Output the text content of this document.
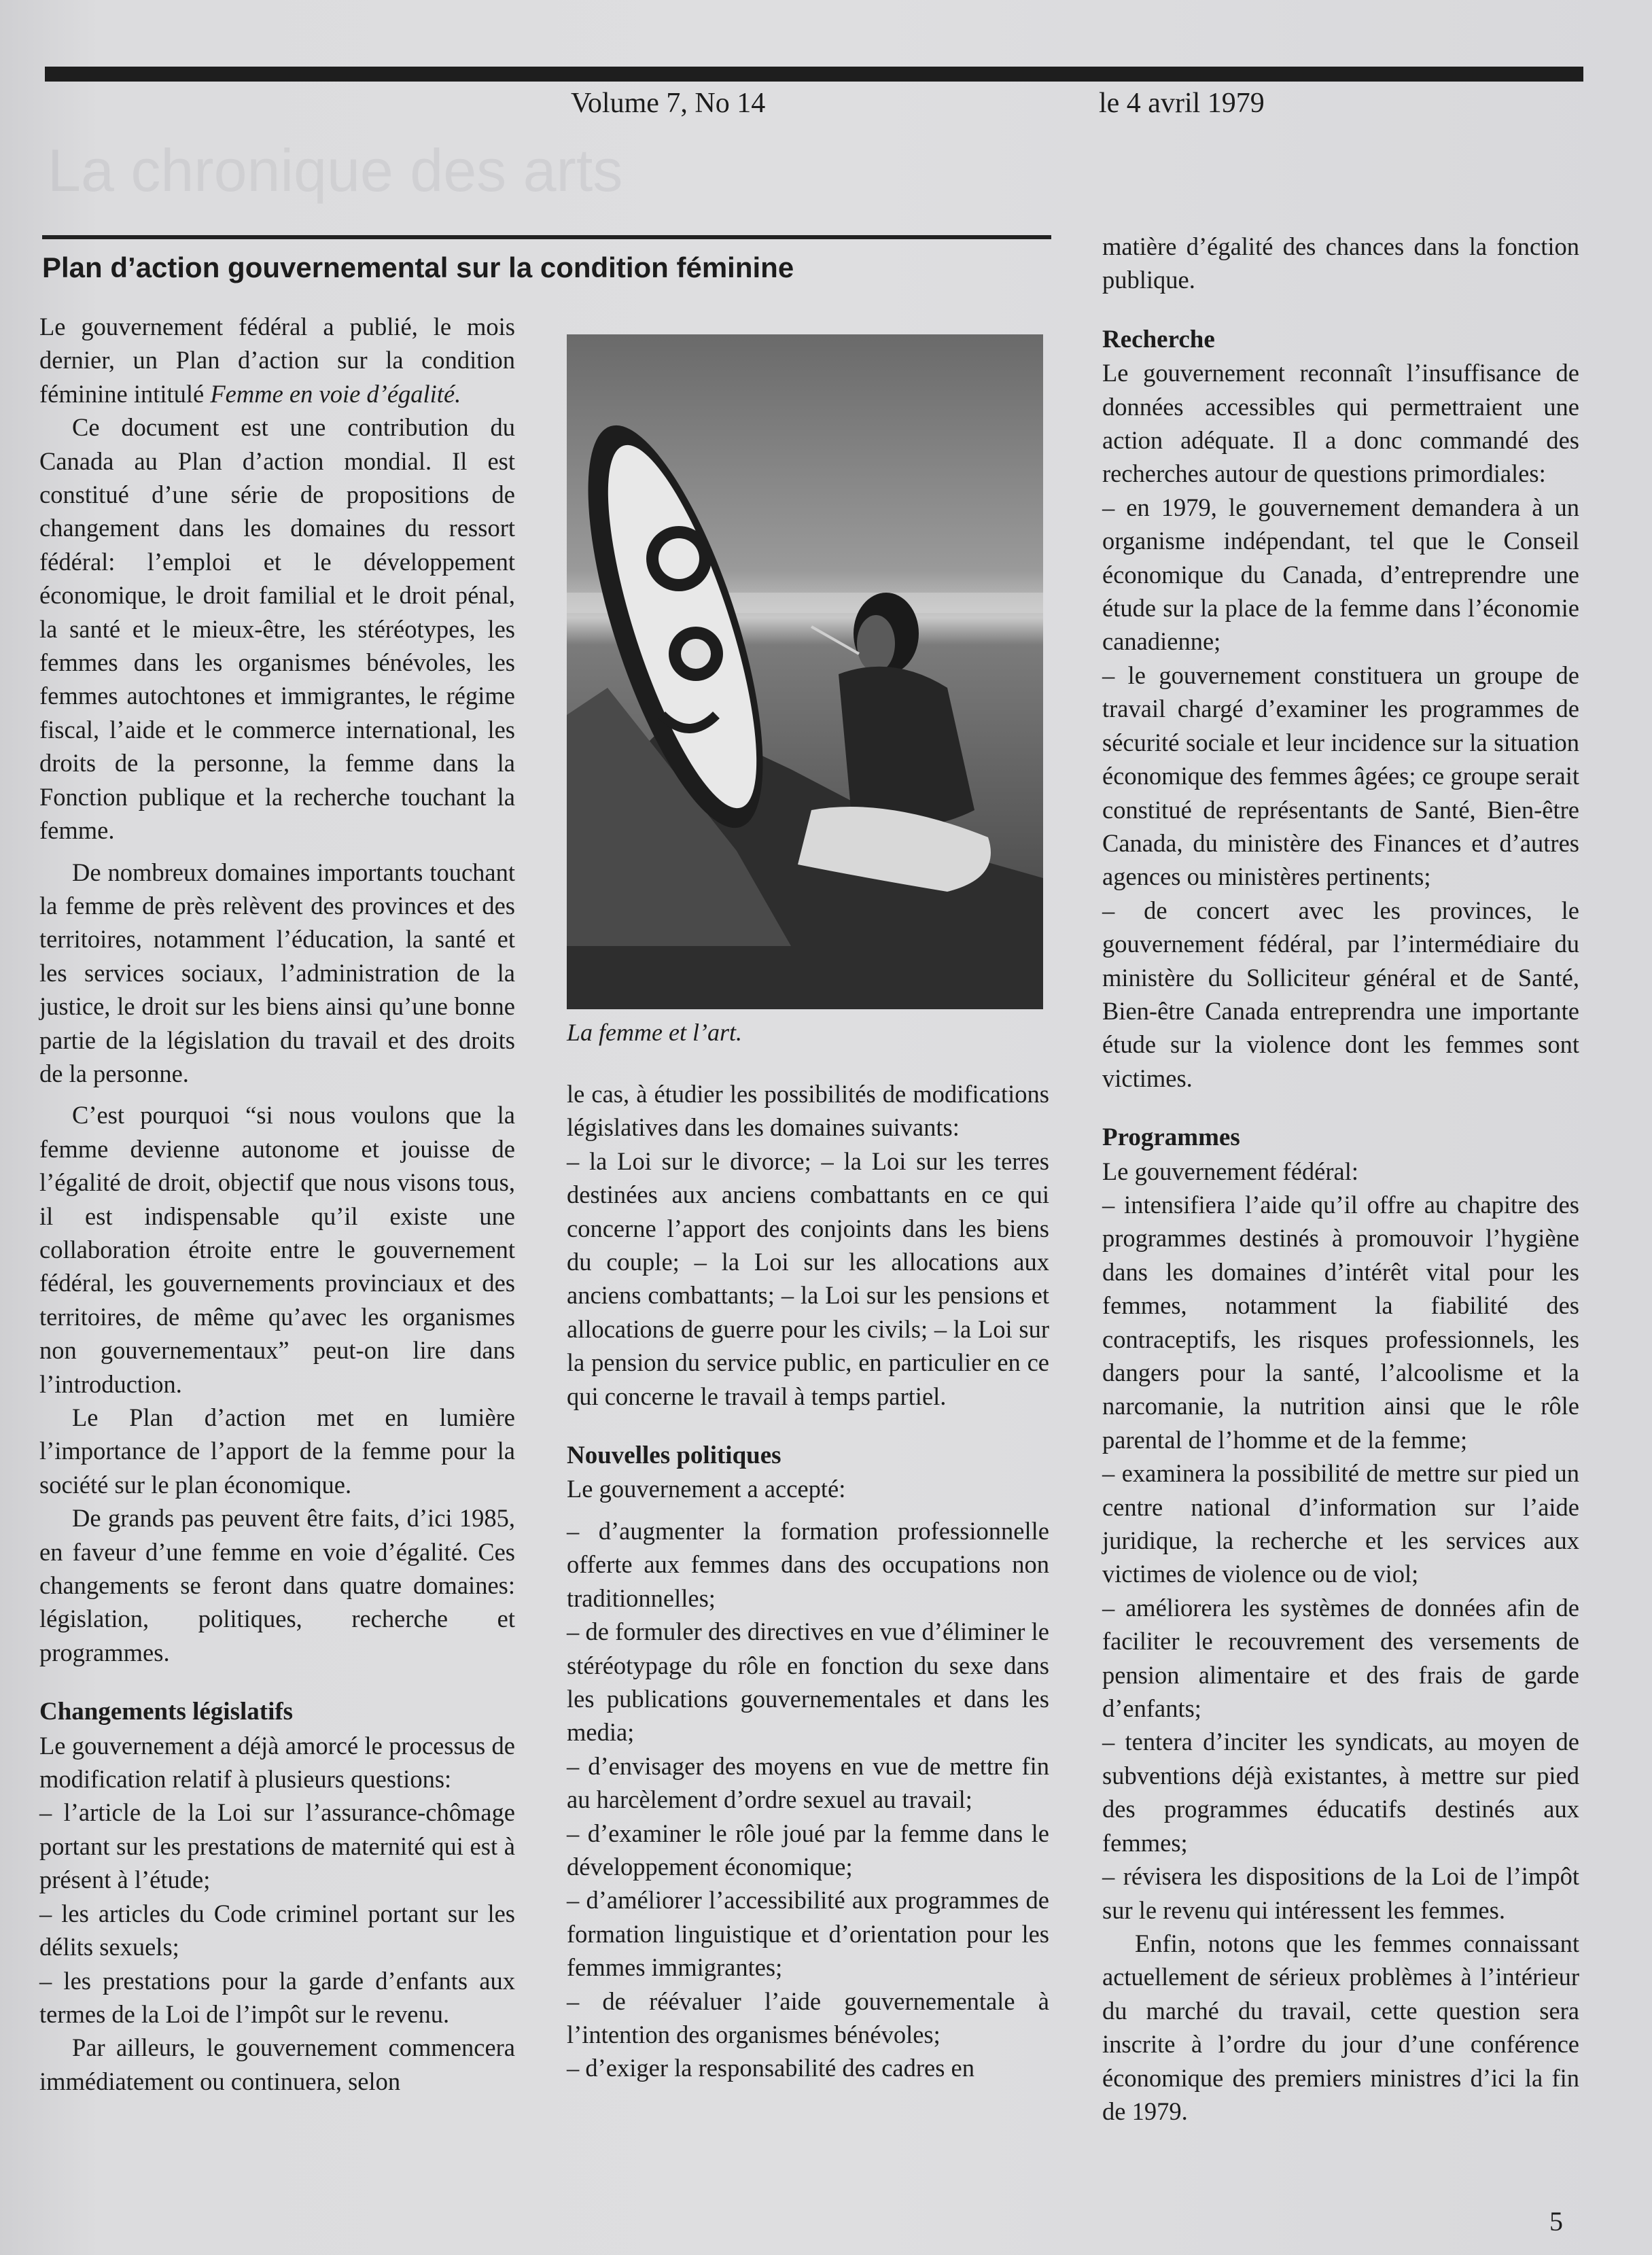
La chronique des arts
Volume 7, No 14	le 4 avril 1979
Plan d’action gouvernemental sur la condition féminine

Le gouvernement fédéral a publié, le mois dernier, un Plan d’action sur la condition féminine intitulé Femme en voie d’égalité.

Ce document est une contribution du Canada au Plan d’action mondial. Il est constitué d’une série de propositions de changement dans les domaines du ressort fédéral: l’emploi et le développement économique, le droit familial et le droit pénal, la santé et le mieux-être, les stéréotypes, les femmes dans les organismes bénévoles, les femmes autochtones et immigrantes, le régime fiscal, l’aide et le commerce international, les droits de la personne, la femme dans la Fonction publique et la recherche touchant la femme.

De nombreux domaines importants touchant la femme de près relèvent des provinces et des territoires, notamment l’éducation, la santé et les services sociaux, l’administration de la justice, le droit sur les biens ainsi qu’une bonne partie de la législation du travail et des droits de la personne.

C’est pourquoi “si nous voulons que la femme devienne autonome et jouisse de l’égalité de droit, objectif que nous visons tous, il est indispensable qu’il existe une collaboration étroite entre le gouvernement fédéral, les gouvernements provinciaux et des territoires, de même qu’avec les organismes non gouvernementaux” peut-on lire dans l’introduction.

Le Plan d’action met en lumière l’importance de l’apport de la femme pour la société sur le plan économique.

De grands pas peuvent être faits, d’ici 1985, en faveur d’une femme en voie d’égalité. Ces changements se feront dans quatre domaines: législation, politiques, recherche et programmes.

Changements législatifs

Le gouvernement a déjà amorcé le processus de modification relatif à plusieurs questions:

– l’article de la Loi sur l’assurance-chômage portant sur les prestations de maternité qui est à présent à l’étude;

– les articles du Code criminel portant sur les délits sexuels;

– les prestations pour la garde d’enfants aux termes de la Loi de l’impôt sur le revenu.

Par ailleurs, le gouvernement commencera immédiatement ou continuera, selon

La femme et l’art.

le cas, à étudier les possibilités de modifications législatives dans les domaines suivants:

– la Loi sur le divorce; – la Loi sur les terres destinées aux anciens combattants en ce qui concerne l’apport des conjoints dans les biens du couple; – la Loi sur les allocations aux anciens combattants; – la Loi sur les pensions et allocations de guerre pour les civils; – la Loi sur la pension du service public, en particulier en ce qui concerne le travail à temps partiel.

Nouvelles politiques

Le gouvernement a accepté:

– d’augmenter la formation professionnelle offerte aux femmes dans des occupations non traditionnelles;

– de formuler des directives en vue d’éliminer le stéréotypage du rôle en fonction du sexe dans les publications gouvernementales et dans les media;

– d’envisager des moyens en vue de mettre fin au harcèlement d’ordre sexuel au travail;

– d’examiner le rôle joué par la femme dans le développement économique;

– d’améliorer l’accessibilité aux programmes de formation linguistique et d’orientation pour les femmes immigrantes;

– de réévaluer l’aide gouvernementale à l’intention des organismes bénévoles;

– d’exiger la responsabilité des cadres en

matière d’égalité des chances dans la fonction publique.

Recherche

Le gouvernement reconnaît l’insuffisance de données accessibles qui permettraient une action adéquate. Il a donc commandé des recherches autour de questions primordiales:

– en 1979, le gouvernement demandera à un organisme indépendant, tel que le Conseil économique du Canada, d’entreprendre une étude sur la place de la femme dans l’économie canadienne;

– le gouvernement constituera un groupe de travail chargé d’examiner les programmes de sécurité sociale et leur incidence sur la situation économique des femmes âgées; ce groupe serait constitué de représentants de Santé, Bien-être Canada, du ministère des Finances et d’autres agences ou ministères pertinents;

– de concert avec les provinces, le gouvernement fédéral, par l’intermédiaire du ministère du Solliciteur général et de Santé, Bien-être Canada entreprendra une importante étude sur la violence dont les femmes sont victimes.

Programmes

Le gouvernement fédéral:

– intensifiera l’aide qu’il offre au chapitre des programmes destinés à promouvoir l’hygiène dans les domaines d’intérêt vital pour les femmes, notamment la fiabilité des contraceptifs, les risques professionnels, les dangers pour la santé, l’alcoolisme et la narcomanie, la nutrition ainsi que le rôle parental de l’homme et de la femme;

– examinera la possibilité de mettre sur pied un centre national d’information sur l’aide juridique, la recherche et les services aux victimes de violence ou de viol;

– améliorera les systèmes de données afin de faciliter le recouvrement des versements de pension alimentaire et des frais de garde d’enfants;

– tentera d’inciter les syndicats, au moyen de subventions déjà existantes, à mettre sur pied des programmes éducatifs destinés aux femmes;

– révisera les dispositions de la Loi de l’impôt sur le revenu qui intéressent les femmes.

Enfin, notons que les femmes connaissant actuellement de sérieux problèmes à l’intérieur du marché du travail, cette question sera inscrite à l’ordre du jour d’une conférence économique des premiers ministres d’ici la fin de 1979.

5
